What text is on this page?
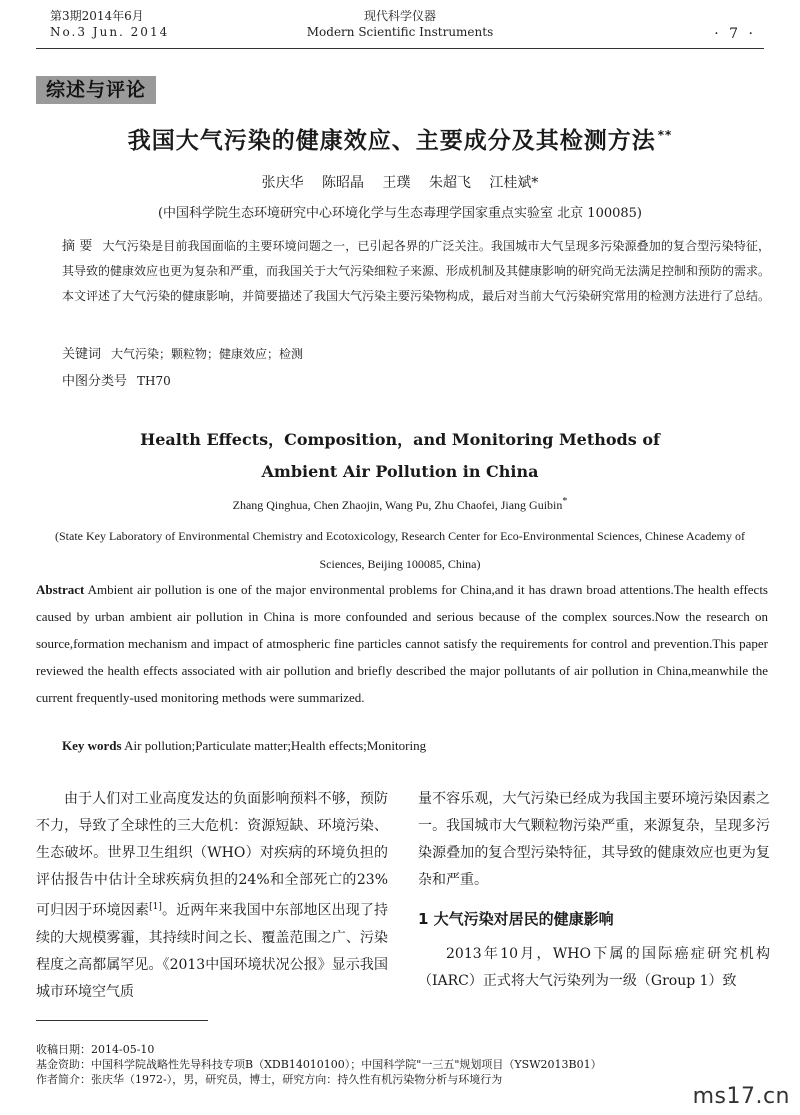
第3期2014年6月
No.3 Jun. 2014
现代科学仪器
Modern Scientific Instruments	· 7 ·
综述与评论
我国大气污染的健康效应、主要成分及其检测方法 **
张庆华 陈昭晶 王璞 朱超飞 江桂斌*
(中国科学院生态环境研究中心环境化学与生态毒理学国家重点实验室 北京 100085)
摘 要 大气污染是目前我国面临的主要环境问题之一，已引起各界的广泛关注。我国城市大气呈现多污染源叠加的复合型污染特征，其导致的健康效应也更为复杂和严重，而我国关于大气污染细粒子来源、形成机制及其健康影响的研究尚无法满足控制和预防的需求。本文评述了大气污染的健康影响，并简要描述了我国大气污染主要污染物构成，最后对当前大气污染研究常用的检测方法进行了总结。
关键词 大气污染；颗粒物；健康效应；检测
中图分类号 TH70
Health Effects，Composition，and Monitoring Methods of
Ambient Air Pollution in China
Zhang Qinghua, Chen Zhaojin, Wang Pu, Zhu Chaofei, Jiang Guibin*
(State Key Laboratory of Environmental Chemistry and Ecotoxicology, Research Center for Eco-Environmental Sciences, Chinese Academy of Sciences, Beijing 100085, China)
Abstract Ambient air pollution is one of the major environmental problems for China,and it has drawn broad attentions.The health effects caused by urban ambient air pollution in China is more confounded and serious because of the complex sources.Now the research on source,formation mechanism and impact of atmospheric fine particles cannot satisfy the requirements for control and prevention.This paper reviewed the health effects associated with air pollution and briefly described the major pollutants of air pollution in China,meanwhile the current frequently-used monitoring methods were summarized.
Key words Air pollution;Particulate matter;Health effects;Monitoring

由于人们对工业高度发达的负面影响预料不够，预防不力，导致了全球性的三大危机：资源短缺、环境污染、生态破坏。世界卫生组织（WHO）对疾病的环境负担的评估报告中估计全球疾病负担的24%和全部死亡的23%可归因于环境因素[1]。近两年来我国中东部地区出现了持续的大规模雾霾，其持续时间之长、覆盖范围之广、污染程度之高都属罕见。《2013中国环境状况公报》显示我国城市环境空气质

量不容乐观，大气污染已经成为我国主要环境污染因素之一。我国城市大气颗粒物污染严重，来源复杂，呈现多污染源叠加的复合型污染特征，其导致的健康效应也更为复杂和严重。

1 大气污染对居民的健康影响

2013年10月，WHO下属的国际癌症研究机构（IARC）正式将大气污染列为一级（Group 1）致

收稿日期：2014-05-10
基金资助：中国科学院战略性先导科技专项B（XDB14010100）；中国科学院"一三五"规划项目（YSW2013B01）
作者简介：张庆华（1972-），男，研究员，博士，研究方向：持久性有机污染物分析与环境行为
ms17.cn
